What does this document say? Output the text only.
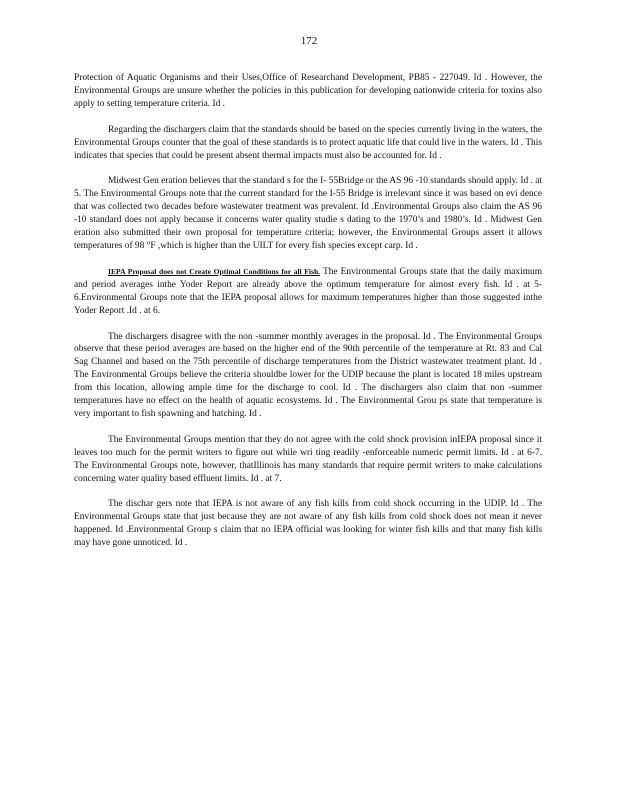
172

Protection of Aquatic Organisms and their Uses,Office of Researchand Development, PB85 - 227049. Id . However, the Environmental Groups are unsure whether the policies in this publication for developing nationwide criteria for toxins also apply to setting temperature criteria. Id .

Regarding the dischargers claim that the standards should be based on the species currently living in the waters, the Environmental Groups counter that the goal of these standards is to protect aquatic life that could live in the waters. Id . This indicates that species that could be present absent thermal impacts must also be accounted for. Id .

Midwest Gen eration believes that the standard s for the I- 55Bridge or the AS 96 -10 standards should apply. Id . at 5. The Environmental Groups note that the current standard for the I-55 Bridge is irrelevant since it was based on evi dence that was collected two decades before wastewater treatment was prevalent. Id .Environmental Groups also claim the AS 96 -10 standard does not apply because it concerns water quality studie s dating to the 1970’s and 1980’s. Id . Midwest Gen eration also submitted their own proposal for temperature criteria; however, the Environmental Groups assert it allows temperatures of 98 °F ,which is higher than the UILT for every fish species except carp. Id .

IEPA Proposal does not Create Optimal Conditions for all Fish. The Environmental Groups state that the daily maximum and period averages inthe Yoder Report are already above the optimum temperature for almost every fish. Id . at 5-6.Environmental Groups note that the IEPA proposal allows for maximum temperatures higher than those suggested inthe Yoder Report .Id . at 6.

The dischargers disagree with the non -summer monthly averages in the proposal. Id . The Environmental Groups observe that these period averages are based on the higher end of the 90th percentile of the temperature at Rt. 83 and Cal Sag Channel and based on the 75th percentile of discharge temperatures from the District wastewater treatment plant. Id . The Environmental Groups believe the criteria shouldbe lower for the UDIP because the plant is located 18 miles upstream from this location, allowing ample time for the discharge to cool. Id . The dischargers also claim that non -summer temperatures have no effect on the health of aquatic ecosystems. Id . The Environmental Grou ps state that temperature is very important to fish spawning and hatching. Id .

The Environmental Groups mention that they do not agree with the cold shock provision inIEPA proposal since it leaves too much for the permit writers to figure out while wri ting readily -enforceable numeric permit limits. Id . at 6-7. The Environmental Groups note, however, thatIllinois has many standards that require permit writers to make calculations concerning water quality based effluent limits. Id . at 7.

The dischar gers note that IEPA is not aware of any fish kills from cold shock occurring in the UDIP. Id . The Environmental Groups state that just because they are not aware of any fish kills from cold shock does not mean it never happened. Id .Environmental Group s claim that no IEPA official was looking for winter fish kills and that many fish kills may have gone unnoticed. Id .
